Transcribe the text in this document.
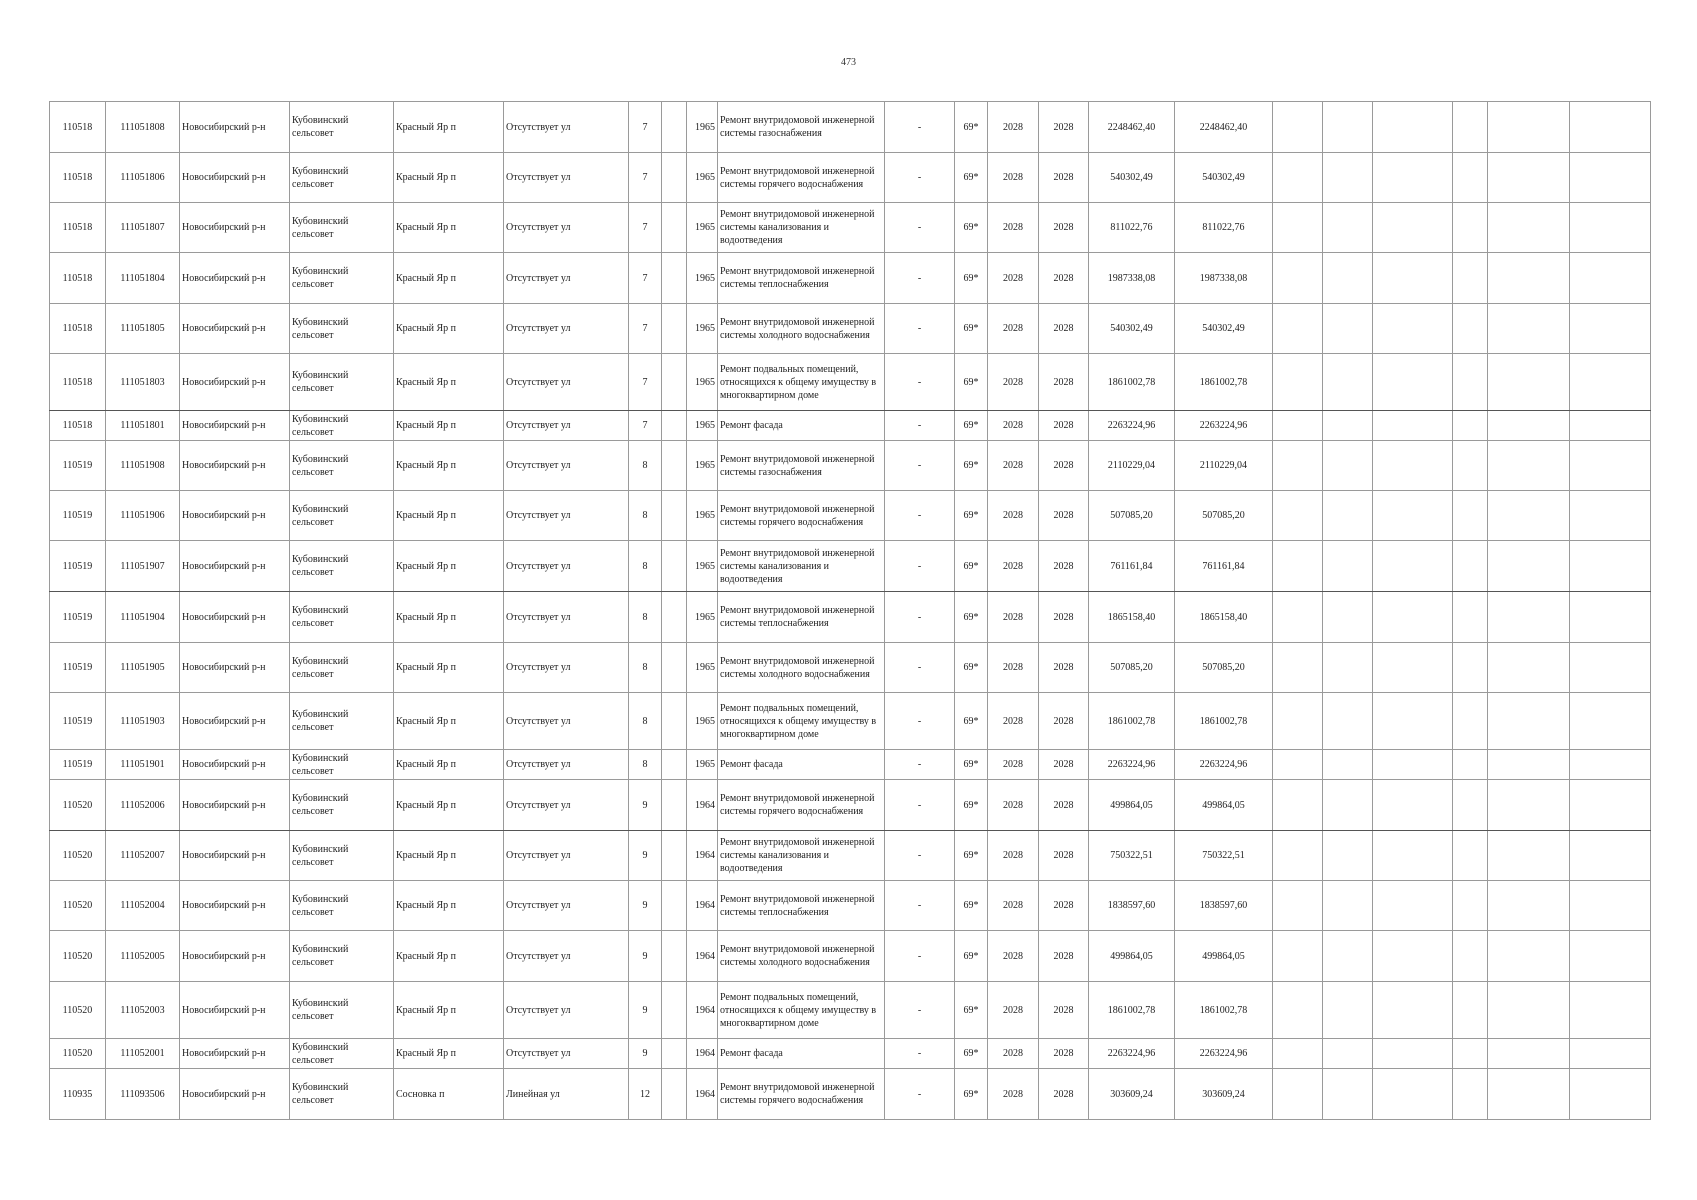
473
110518	111051808	Новосибирский р-н	Кубовинский сельсовет	Красный Яр п	Отсутствует ул	7		1965	Ремонт внутридомовой инженерной системы газоснабжения	-	69*	2028	2028	2248462,40	2248462,40						
110518	111051806	Новосибирский р-н	Кубовинский сельсовет	Красный Яр п	Отсутствует ул	7		1965	Ремонт внутридомовой инженерной системы горячего водоснабжения	-	69*	2028	2028	540302,49	540302,49						
110518	111051807	Новосибирский р-н	Кубовинский сельсовет	Красный Яр п	Отсутствует ул	7		1965	Ремонт внутридомовой инженерной системы канализования и водоотведения	-	69*	2028	2028	811022,76	811022,76						
110518	111051804	Новосибирский р-н	Кубовинский сельсовет	Красный Яр п	Отсутствует ул	7		1965	Ремонт внутридомовой инженерной системы теплоснабжения	-	69*	2028	2028	1987338,08	1987338,08						
110518	111051805	Новосибирский р-н	Кубовинский сельсовет	Красный Яр п	Отсутствует ул	7		1965	Ремонт внутридомовой инженерной системы холодного водоснабжения	-	69*	2028	2028	540302,49	540302,49						
110518	111051803	Новосибирский р-н	Кубовинский сельсовет	Красный Яр п	Отсутствует ул	7		1965	Ремонт подвальных помещений, относящихся к общему имуществу в многоквартирном доме	-	69*	2028	2028	1861002,78	1861002,78						
110518	111051801	Новосибирский р-н	Кубовинский сельсовет	Красный Яр п	Отсутствует ул	7		1965	Ремонт фасада	-	69*	2028	2028	2263224,96	2263224,96						
110519	111051908	Новосибирский р-н	Кубовинский сельсовет	Красный Яр п	Отсутствует ул	8		1965	Ремонт внутридомовой инженерной системы газоснабжения	-	69*	2028	2028	2110229,04	2110229,04						
110519	111051906	Новосибирский р-н	Кубовинский сельсовет	Красный Яр п	Отсутствует ул	8		1965	Ремонт внутридомовой инженерной системы горячего водоснабжения	-	69*	2028	2028	507085,20	507085,20						
110519	111051907	Новосибирский р-н	Кубовинский сельсовет	Красный Яр п	Отсутствует ул	8		1965	Ремонт внутридомовой инженерной системы канализования и водоотведения	-	69*	2028	2028	761161,84	761161,84						
110519	111051904	Новосибирский р-н	Кубовинский сельсовет	Красный Яр п	Отсутствует ул	8		1965	Ремонт внутридомовой инженерной системы теплоснабжения	-	69*	2028	2028	1865158,40	1865158,40						
110519	111051905	Новосибирский р-н	Кубовинский сельсовет	Красный Яр п	Отсутствует ул	8		1965	Ремонт внутридомовой инженерной системы холодного водоснабжения	-	69*	2028	2028	507085,20	507085,20						
110519	111051903	Новосибирский р-н	Кубовинский сельсовет	Красный Яр п	Отсутствует ул	8		1965	Ремонт подвальных помещений, относящихся к общему имуществу в многоквартирном доме	-	69*	2028	2028	1861002,78	1861002,78						
110519	111051901	Новосибирский р-н	Кубовинский сельсовет	Красный Яр п	Отсутствует ул	8		1965	Ремонт фасада	-	69*	2028	2028	2263224,96	2263224,96						
110520	111052006	Новосибирский р-н	Кубовинский сельсовет	Красный Яр п	Отсутствует ул	9		1964	Ремонт внутридомовой инженерной системы горячего водоснабжения	-	69*	2028	2028	499864,05	499864,05						
110520	111052007	Новосибирский р-н	Кубовинский сельсовет	Красный Яр п	Отсутствует ул	9		1964	Ремонт внутридомовой инженерной системы канализования и водоотведения	-	69*	2028	2028	750322,51	750322,51						
110520	111052004	Новосибирский р-н	Кубовинский сельсовет	Красный Яр п	Отсутствует ул	9		1964	Ремонт внутридомовой инженерной системы теплоснабжения	-	69*	2028	2028	1838597,60	1838597,60						
110520	111052005	Новосибирский р-н	Кубовинский сельсовет	Красный Яр п	Отсутствует ул	9		1964	Ремонт внутридомовой инженерной системы холодного водоснабжения	-	69*	2028	2028	499864,05	499864,05						
110520	111052003	Новосибирский р-н	Кубовинский сельсовет	Красный Яр п	Отсутствует ул	9		1964	Ремонт подвальных помещений, относящихся к общему имуществу в многоквартирном доме	-	69*	2028	2028	1861002,78	1861002,78						
110520	111052001	Новосибирский р-н	Кубовинский сельсовет	Красный Яр п	Отсутствует ул	9		1964	Ремонт фасада	-	69*	2028	2028	2263224,96	2263224,96						
110935	111093506	Новосибирский р-н	Кубовинский сельсовет	Сосновка п	Линейная ул	12		1964	Ремонт внутридомовой инженерной системы горячего водоснабжения	-	69*	2028	2028	303609,24	303609,24						
